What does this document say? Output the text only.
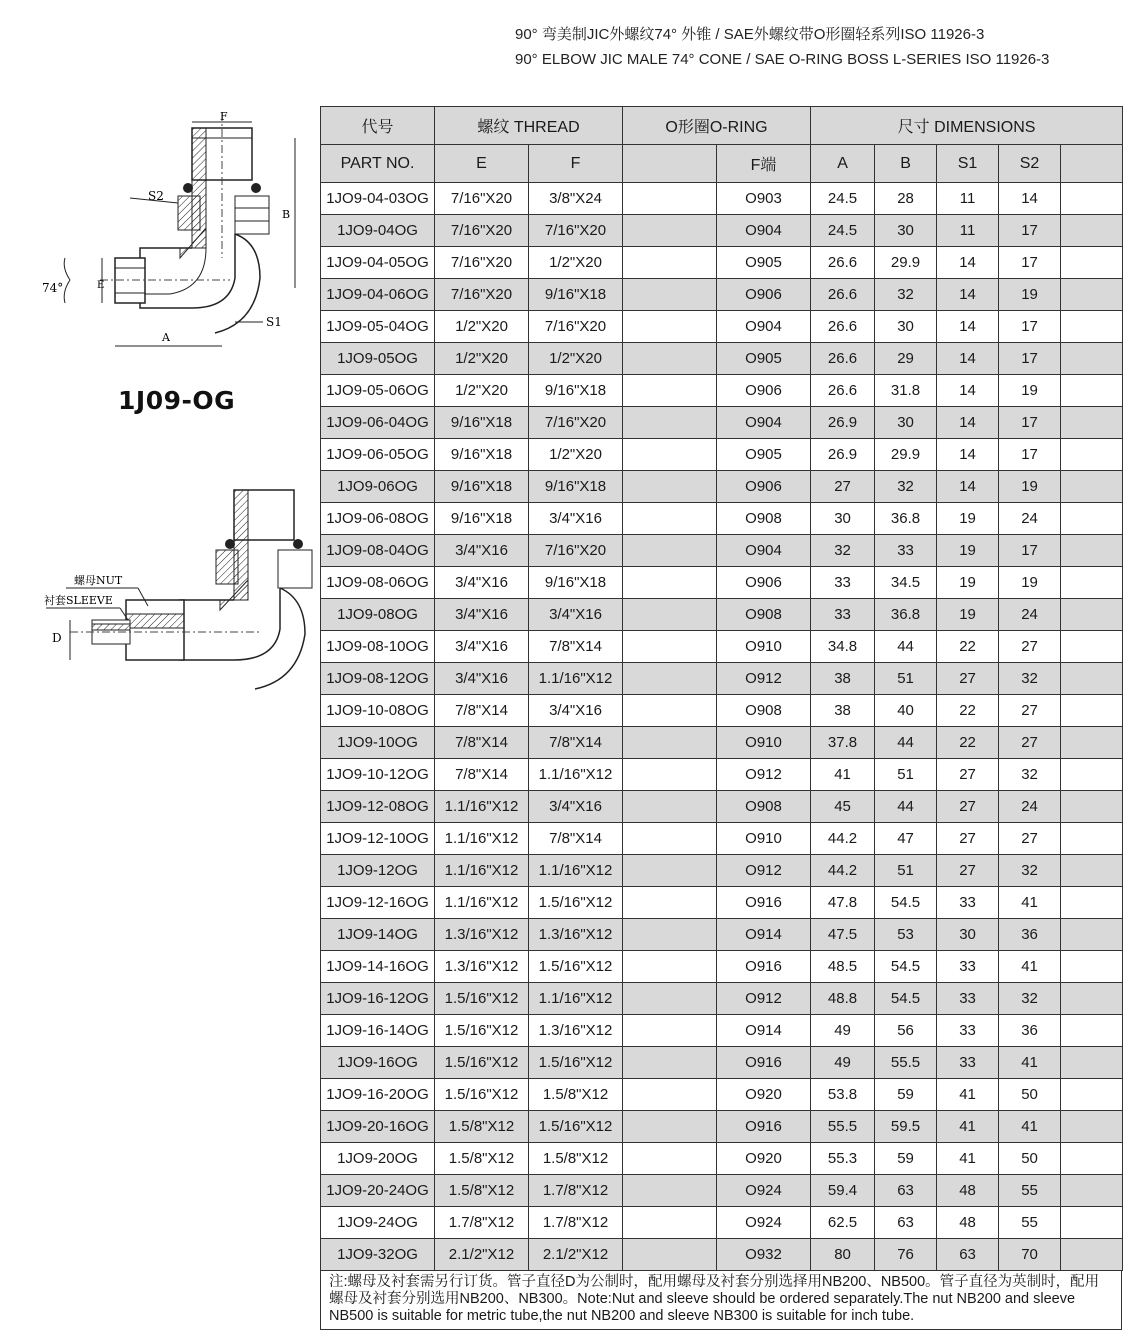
90° 弯美制JIC外螺纹74° 外锥 / SAE外螺纹带O形圈轻系列ISO 11926-3
90° ELBOW JIC MALE 74° CONE / SAE O-RING BOSS L-SERIES ISO 11926-3
F
S2
B
74°	E
A
S1
1J09-OG
螺母NUT
衬套SLEEVE
D
代号	螺纹 THREAD		O形圈O-RING		尺寸 DIMENSIONS				
PART NO.	E	F		F端	A	B	S1	S2	
1JO9-04-03OG	7/16"X20	3/8"X24		O903	24.5	28	11	14	
1JO9-04OG	7/16"X20	7/16"X20		O904	24.5	30	11	17	
1JO9-04-05OG	7/16"X20	1/2"X20		O905	26.6	29.9	14	17	
1JO9-04-06OG	7/16"X20	9/16"X18		O906	26.6	32	14	19	
1JO9-05-04OG	1/2"X20	7/16"X20		O904	26.6	30	14	17	
1JO9-05OG	1/2"X20	1/2"X20		O905	26.6	29	14	17	
1JO9-05-06OG	1/2"X20	9/16"X18		O906	26.6	31.8	14	19	
1JO9-06-04OG	9/16"X18	7/16"X20		O904	26.9	30	14	17	
1JO9-06-05OG	9/16"X18	1/2"X20		O905	26.9	29.9	14	17	
1JO9-06OG	9/16"X18	9/16"X18		O906	27	32	14	19	
1JO9-06-08OG	9/16"X18	3/4"X16		O908	30	36.8	19	24	
1JO9-08-04OG	3/4"X16	7/16"X20		O904	32	33	19	17	
1JO9-08-06OG	3/4"X16	9/16"X18		O906	33	34.5	19	19	
1JO9-08OG	3/4"X16	3/4"X16		O908	33	36.8	19	24	
1JO9-08-10OG	3/4"X16	7/8"X14		O910	34.8	44	22	27	
1JO9-08-12OG	3/4"X16	1.1/16"X12		O912	38	51	27	32	
1JO9-10-08OG	7/8"X14	3/4"X16		O908	38	40	22	27	
1JO9-10OG	7/8"X14	7/8"X14		O910	37.8	44	22	27	
1JO9-10-12OG	7/8"X14	1.1/16"X12		O912	41	51	27	32	
1JO9-12-08OG	1.1/16"X12	3/4"X16		O908	45	44	27	24	
1JO9-12-10OG	1.1/16"X12	7/8"X14		O910	44.2	47	27	27	
1JO9-12OG	1.1/16"X12	1.1/16"X12		O912	44.2	51	27	32	
1JO9-12-16OG	1.1/16"X12	1.5/16"X12		O916	47.8	54.5	33	41	
1JO9-14OG	1.3/16"X12	1.3/16"X12		O914	47.5	53	30	36	
1JO9-14-16OG	1.3/16"X12	1.5/16"X12		O916	48.5	54.5	33	41	
1JO9-16-12OG	1.5/16"X12	1.1/16"X12		O912	48.8	54.5	33	32	
1JO9-16-14OG	1.5/16"X12	1.3/16"X12		O914	49	56	33	36	
1JO9-16OG	1.5/16"X12	1.5/16"X12		O916	49	55.5	33	41	
1JO9-16-20OG	1.5/16"X12	1.5/8"X12		O920	53.8	59	41	50	
1JO9-20-16OG	1.5/8"X12	1.5/16"X12		O916	55.5	59.5	41	41	
1JO9-20OG	1.5/8"X12	1.5/8"X12		O920	55.3	59	41	50	
1JO9-20-24OG	1.5/8"X12	1.7/8"X12		O924	59.4	63	48	55	
1JO9-24OG	1.7/8"X12	1.7/8"X12		O924	62.5	63	48	55	
1JO9-32OG	2.1/2"X12	2.1/2"X12		O932	80	76	63	70	
注:螺母及衬套需另行订货。管子直径D为公制时，配用螺母及衬套分别选择用NB200、NB500。管子直径为英制时，配用螺母及衬套分别选用NB200、NB300。Note:Nut and sleeve should be ordered separately.The nut NB200 and sleeve NB500 is suitable for metric tube,the nut NB200 and sleeve NB300 is suitable for inch tube.
